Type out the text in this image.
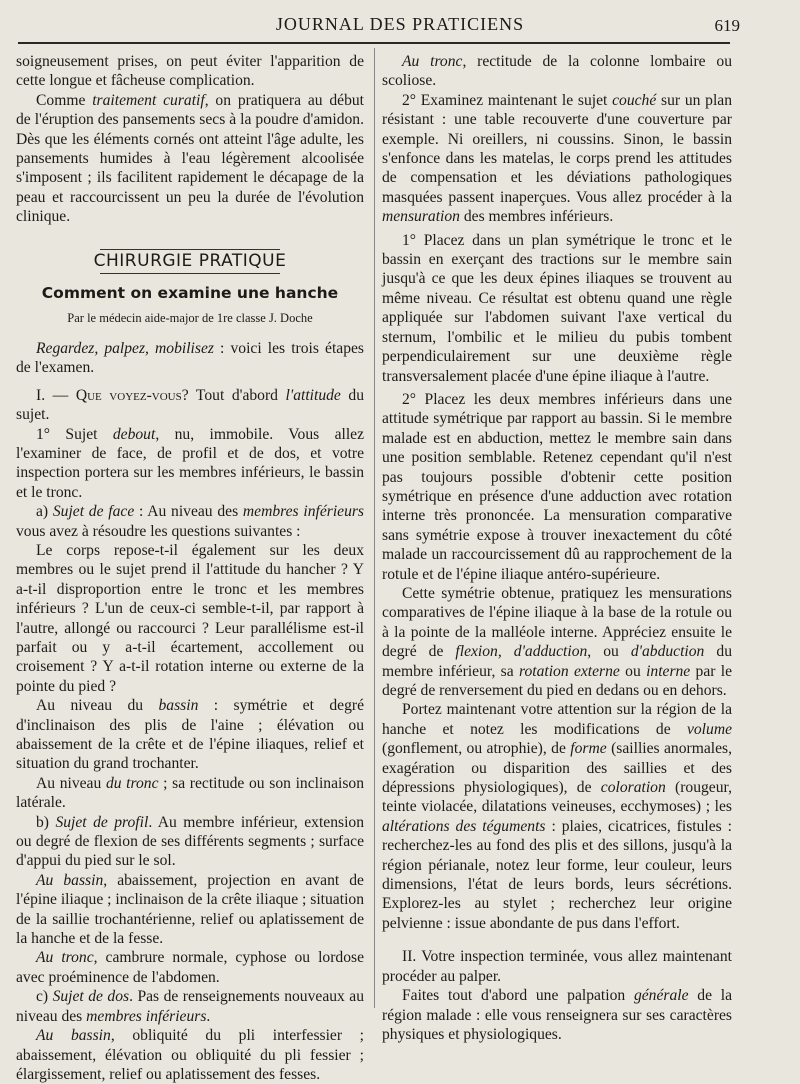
JOURNAL DES PRATICIENS	619

soigneusement prises, on peut éviter l'apparition de cette longue et fâcheuse complication.

Comme traitement curatif, on pratiquera au début de l'éruption des pansements secs à la poudre d'amidon. Dès que les éléments cornés ont atteint l'âge adulte, les pansements humides à l'eau légèrement alcoolisée s'imposent ; ils facilitent rapidement le décapage de la peau et raccourcissent un peu la durée de l'évolution clinique.

CHIRURGIE PRATIQUE
Comment on examine une hanche
Par le médecin aide-major de 1re classe J. Doche

Regardez, palpez, mobilisez : voici les trois étapes de l'examen.

I. — Que voyez-vous? Tout d'abord l'attitude du sujet.

1° Sujet debout, nu, immobile. Vous allez l'examiner de face, de profil et de dos, et votre inspection portera sur les membres inférieurs, le bassin et le tronc.

a) Sujet de face : Au niveau des membres inférieurs vous avez à résoudre les questions suivantes :

Le corps repose-t-il également sur les deux membres ou le sujet prend il l'attitude du hancher ? Y a-t-il disproportion entre le tronc et les membres inférieurs ? L'un de ceux-ci semble-t-il, par rapport à l'autre, allongé ou raccourci ? Leur parallélisme est-il parfait ou y a-t-il écartement, accollement ou croisement ? Y a-t-il rotation interne ou externe de la pointe du pied ?

Au niveau du bassin : symétrie et degré d'inclinaison des plis de l'aine ; élévation ou abaissement de la crête et de l'épine iliaques, relief et situation du grand trochanter.

Au niveau du tronc ; sa rectitude ou son inclinaison latérale.

b) Sujet de profil. Au membre inférieur, extension ou degré de flexion de ses différents segments ; surface d'appui du pied sur le sol.

Au bassin, abaissement, projection en avant de l'épine iliaque ; inclinaison de la crête iliaque ; situation de la saillie trochantérienne, relief ou aplatissement de la hanche et de la fesse.

Au tronc, cambrure normale, cyphose ou lordose avec proéminence de l'abdomen.

c) Sujet de dos. Pas de renseignements nouveaux au niveau des membres inférieurs.

Au bassin, obliquité du pli interfessier ; abaissement, élévation ou obliquité du pli fessier ; élargissement, relief ou aplatissement des fesses.

Au tronc, rectitude de la colonne lombaire ou scoliose.

2° Examinez maintenant le sujet couché sur un plan résistant : une table recouverte d'une couverture par exemple. Ni oreillers, ni coussins. Sinon, le bassin s'enfonce dans les matelas, le corps prend les attitudes de compensation et les déviations pathologiques masquées passent inaperçues. Vous allez procéder à la mensuration des membres inférieurs.

1° Placez dans un plan symétrique le tronc et le bassin en exerçant des tractions sur le membre sain jusqu'à ce que les deux épines iliaques se trouvent au même niveau. Ce résultat est obtenu quand une règle appliquée sur l'abdomen suivant l'axe vertical du sternum, l'ombilic et le milieu du pubis tombent perpendiculairement sur une deuxième règle transversalement placée d'une épine iliaque à l'autre.

2° Placez les deux membres inférieurs dans une attitude symétrique par rapport au bassin. Si le membre malade est en abduction, mettez le membre sain dans une position semblable. Retenez cependant qu'il n'est pas toujours possible d'obtenir cette position symétrique en présence d'une adduction avec rotation interne très prononcée. La mensuration comparative sans symétrie expose à trouver inexactement du côté malade un raccourcissement dû au rapprochement de la rotule et de l'épine iliaque antéro-supérieure.

Cette symétrie obtenue, pratiquez les mensurations comparatives de l'épine iliaque à la base de la rotule ou à la pointe de la malléole interne. Appréciez ensuite le degré de flexion, d'adduction, ou d'abduction du membre inférieur, sa rotation externe ou interne par le degré de renversement du pied en dedans ou en dehors.

Portez maintenant votre attention sur la région de la hanche et notez les modifications de volume (gonflement, ou atrophie), de forme (saillies anormales, exagération ou disparition des saillies et des dépressions physiologiques), de coloration (rougeur, teinte violacée, dilatations veineuses, ecchymoses) ; les altérations des téguments : plaies, cicatrices, fistules : recherchez-les au fond des plis et des sillons, jusqu'à la région périanale, notez leur forme, leur couleur, leurs dimensions, l'état de leurs bords, leurs sécrétions. Explorez-les au stylet ; recherchez leur origine pelvienne : issue abondante de pus dans l'effort.

II. Votre inspection terminée, vous allez maintenant procéder au palper.

Faites tout d'abord une palpation générale de la région malade : elle vous renseignera sur ses caractères physiques et physiologiques.
